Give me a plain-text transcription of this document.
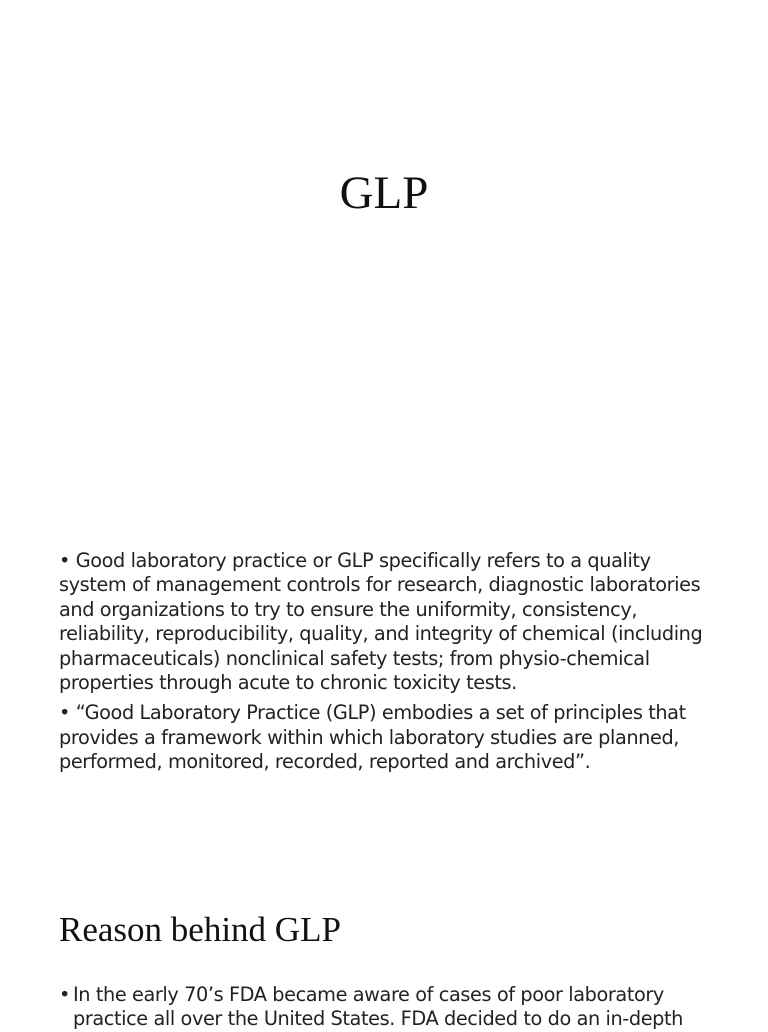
GLP

• Good laboratory practice or GLP specifically refers to a quality system of management controls for research, diagnostic laboratories and organizations to try to ensure the uniformity, consistency, reliability, reproducibility, quality, and integrity of chemical (including pharmaceuticals) nonclinical safety tests; from physio-chemical properties through acute to chronic toxicity tests.

• “Good Laboratory Practice (GLP) embodies a set of principles that provides a framework within which laboratory studies are planned, performed, monitored, recorded, reported and archived”.

Reason behind GLP
• In the early 70’s FDA became aware of cases of poor laboratory practice all over the United States. FDA decided to do an in-depth
